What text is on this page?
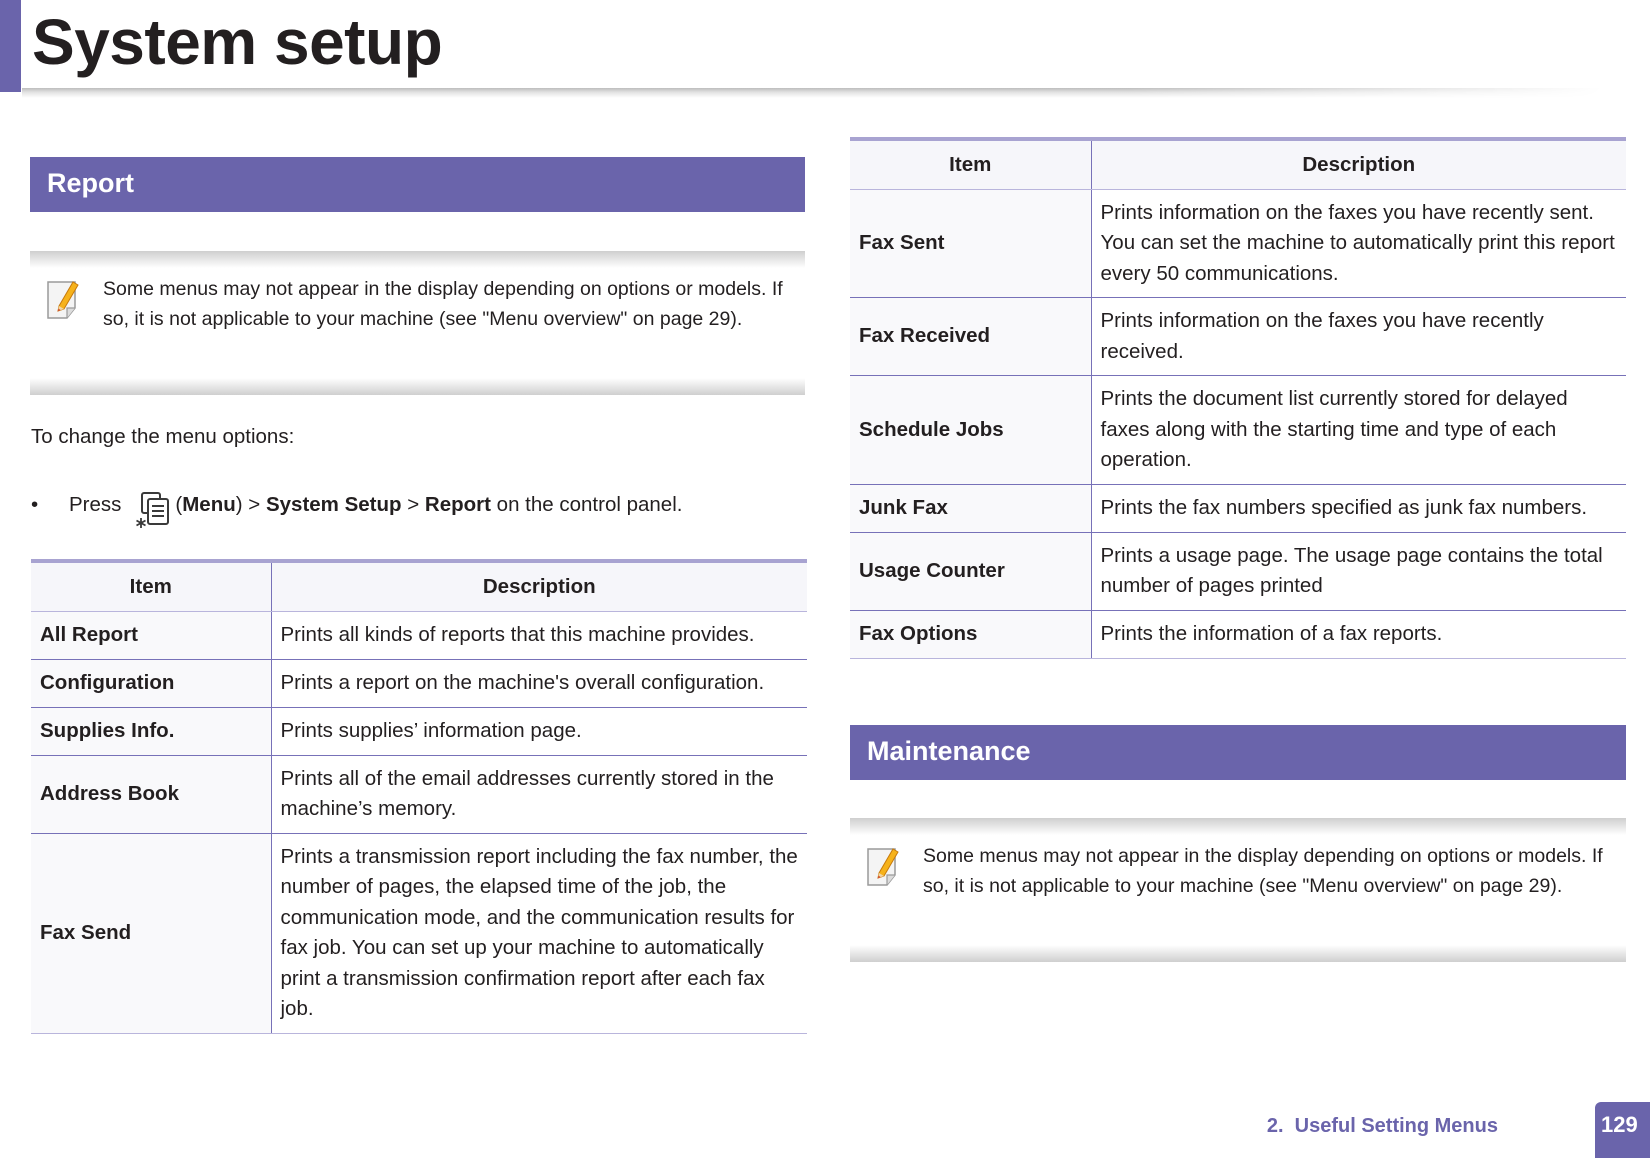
System setup
Report
Some menus may not appear in the display depending on options or models. If so, it is not applicable to your machine (see "Menu overview" on page 29).
To change the menu options:
•	Press	( Menu ) > System Setup > Report on the control panel.
Item	Description
All Report	Prints all kinds of reports that this machine provides.
Configuration	Prints a report on the machine's overall configuration.
Supplies Info.	Prints supplies’ information page.
Address Book	Prints all of the email addresses currently stored in the machine’s memory.
Fax Send	Prints a transmission report including the fax number, the number of pages, the elapsed time of the job, the communication mode, and the communication results for fax job. You can set up your machine to automatically print a transmission confirmation report after each fax job.
Item	Description
Fax Sent	Prints information on the faxes you have recently sent. You can set the machine to automatically print this report every 50 communications.
Fax Received	Prints information on the faxes you have recently received.
Schedule Jobs	Prints the document list currently stored for delayed faxes along with the starting time and type of each operation.
Junk Fax	Prints the fax numbers specified as junk fax numbers.
Usage Counter	Prints a usage page. The usage page contains the total number of pages printed
Fax Options	Prints the information of a fax reports.
Maintenance
Some menus may not appear in the display depending on options or models. If so, it is not applicable to your machine (see "Menu overview" on page 29).
2.  Useful Setting Menus	129
